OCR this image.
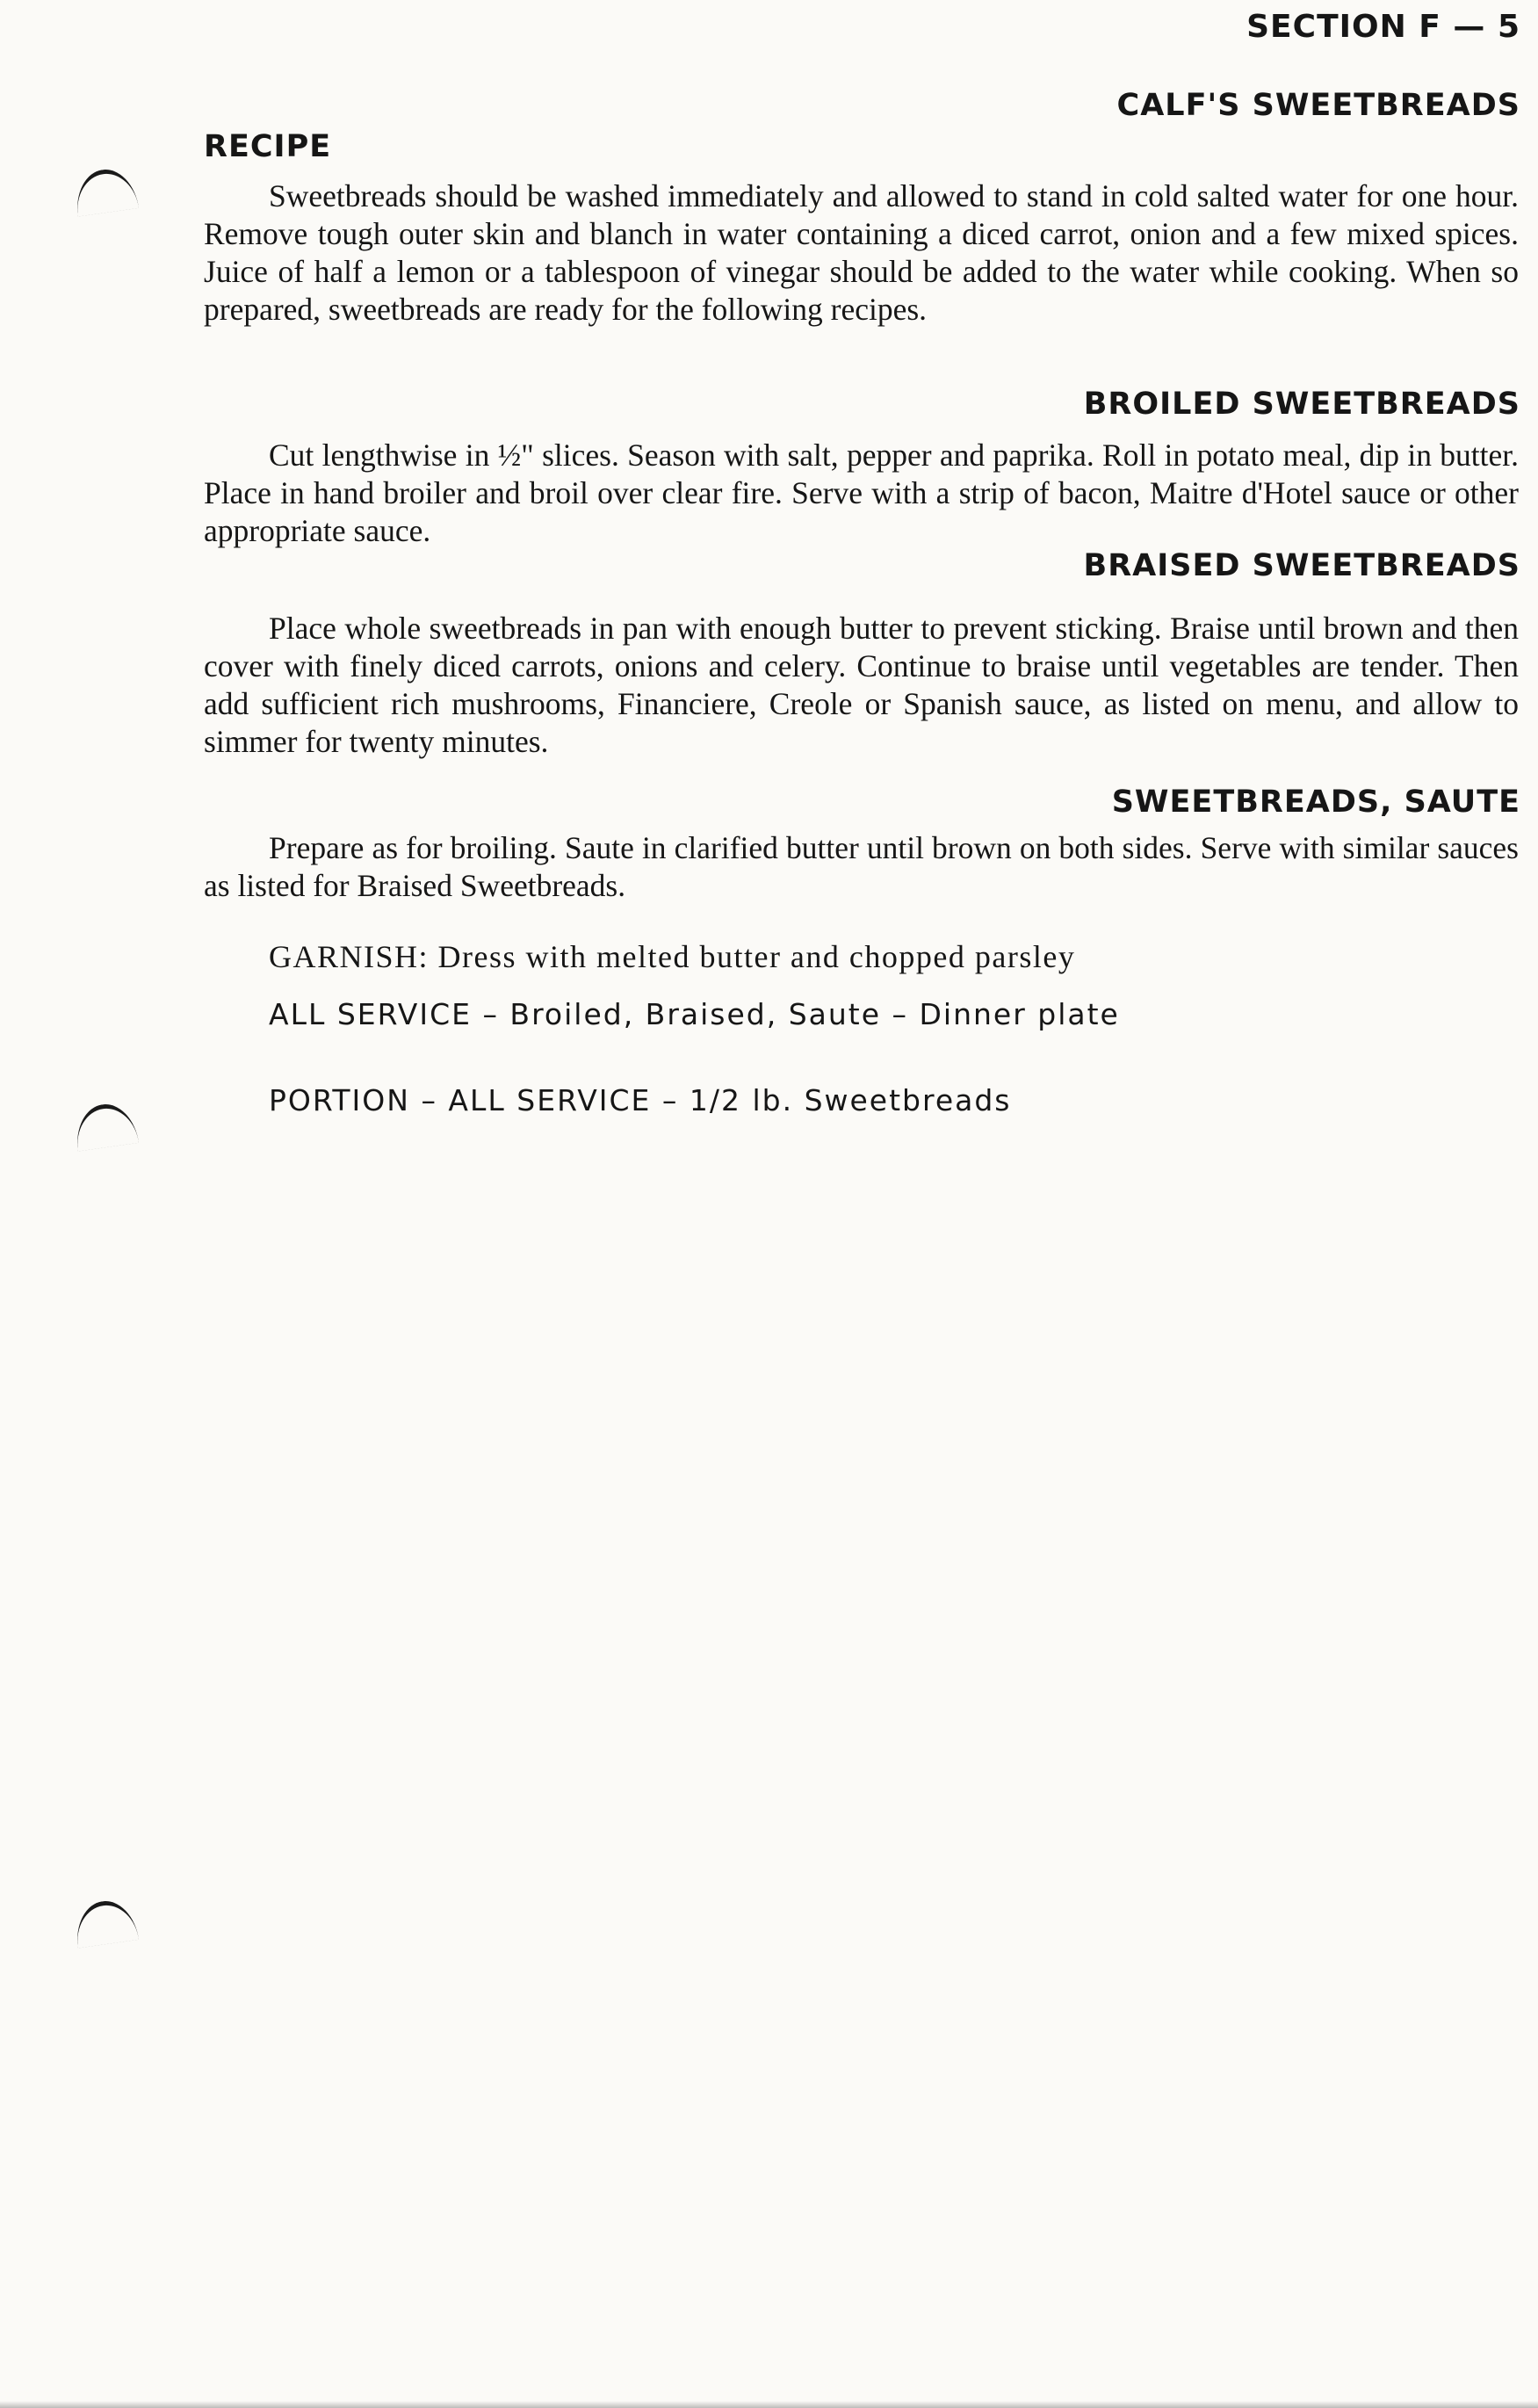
SECTION F — 5
CALF'S SWEETBREADS
RECIPE

Sweetbreads should be washed immediately and allowed to stand in cold salted water for one hour. Remove tough outer skin and blanch in water containing a diced carrot, onion and a few mixed spices. Juice of half a lemon or a tablespoon of vinegar should be added to the water while cooking. When so prepared, sweetbreads are ready for the following recipes.

BROILED SWEETBREADS

Cut lengthwise in ½" slices. Season with salt, pepper and paprika. Roll in potato meal, dip in butter. Place in hand broiler and broil over clear fire. Serve with a strip of bacon, Maitre d'Hotel sauce or other appropriate sauce.

BRAISED SWEETBREADS

Place whole sweetbreads in pan with enough butter to prevent sticking. Braise until brown and then cover with finely diced carrots, onions and celery. Continue to braise until vegetables are tender. Then add sufficient rich mushrooms, Financiere, Creole or Spanish sauce, as listed on menu, and allow to simmer for twenty minutes.

SWEETBREADS, SAUTE

Prepare as for broiling. Saute in clarified butter until brown on both sides. Serve with similar sauces as listed for Braised Sweetbreads.

GARNISH: Dress with melted butter and chopped parsley
ALL SERVICE – Broiled, Braised, Saute – Dinner plate
PORTION – ALL SERVICE – 1/2 lb. Sweetbreads
